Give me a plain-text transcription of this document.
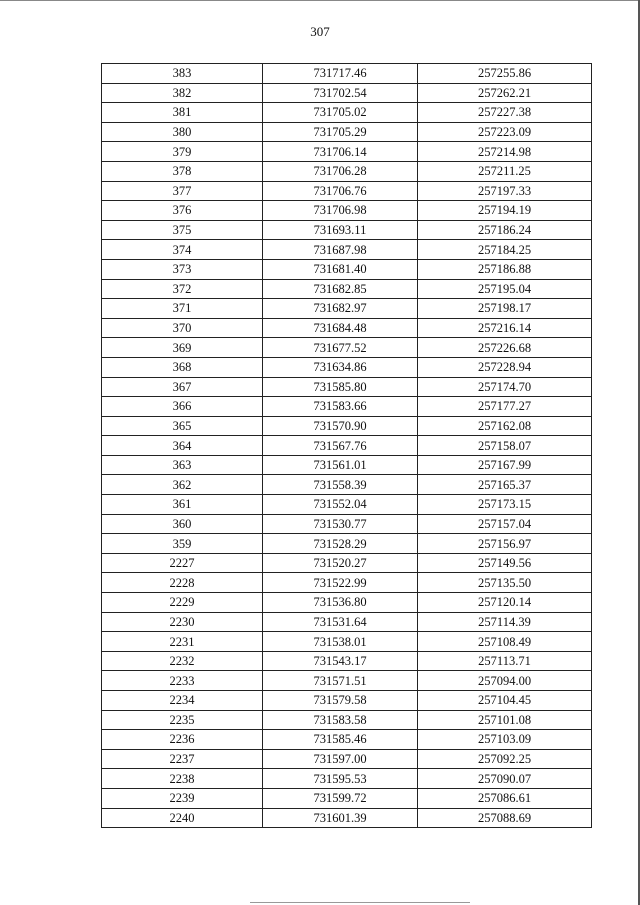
307
383	731717.46	257255.86
382	731702.54	257262.21
381	731705.02	257227.38
380	731705.29	257223.09
379	731706.14	257214.98
378	731706.28	257211.25
377	731706.76	257197.33
376	731706.98	257194.19
375	731693.11	257186.24
374	731687.98	257184.25
373	731681.40	257186.88
372	731682.85	257195.04
371	731682.97	257198.17
370	731684.48	257216.14
369	731677.52	257226.68
368	731634.86	257228.94
367	731585.80	257174.70
366	731583.66	257177.27
365	731570.90	257162.08
364	731567.76	257158.07
363	731561.01	257167.99
362	731558.39	257165.37
361	731552.04	257173.15
360	731530.77	257157.04
359	731528.29	257156.97
2227	731520.27	257149.56
2228	731522.99	257135.50
2229	731536.80	257120.14
2230	731531.64	257114.39
2231	731538.01	257108.49
2232	731543.17	257113.71
2233	731571.51	257094.00
2234	731579.58	257104.45
2235	731583.58	257101.08
2236	731585.46	257103.09
2237	731597.00	257092.25
2238	731595.53	257090.07
2239	731599.72	257086.61
2240	731601.39	257088.69
